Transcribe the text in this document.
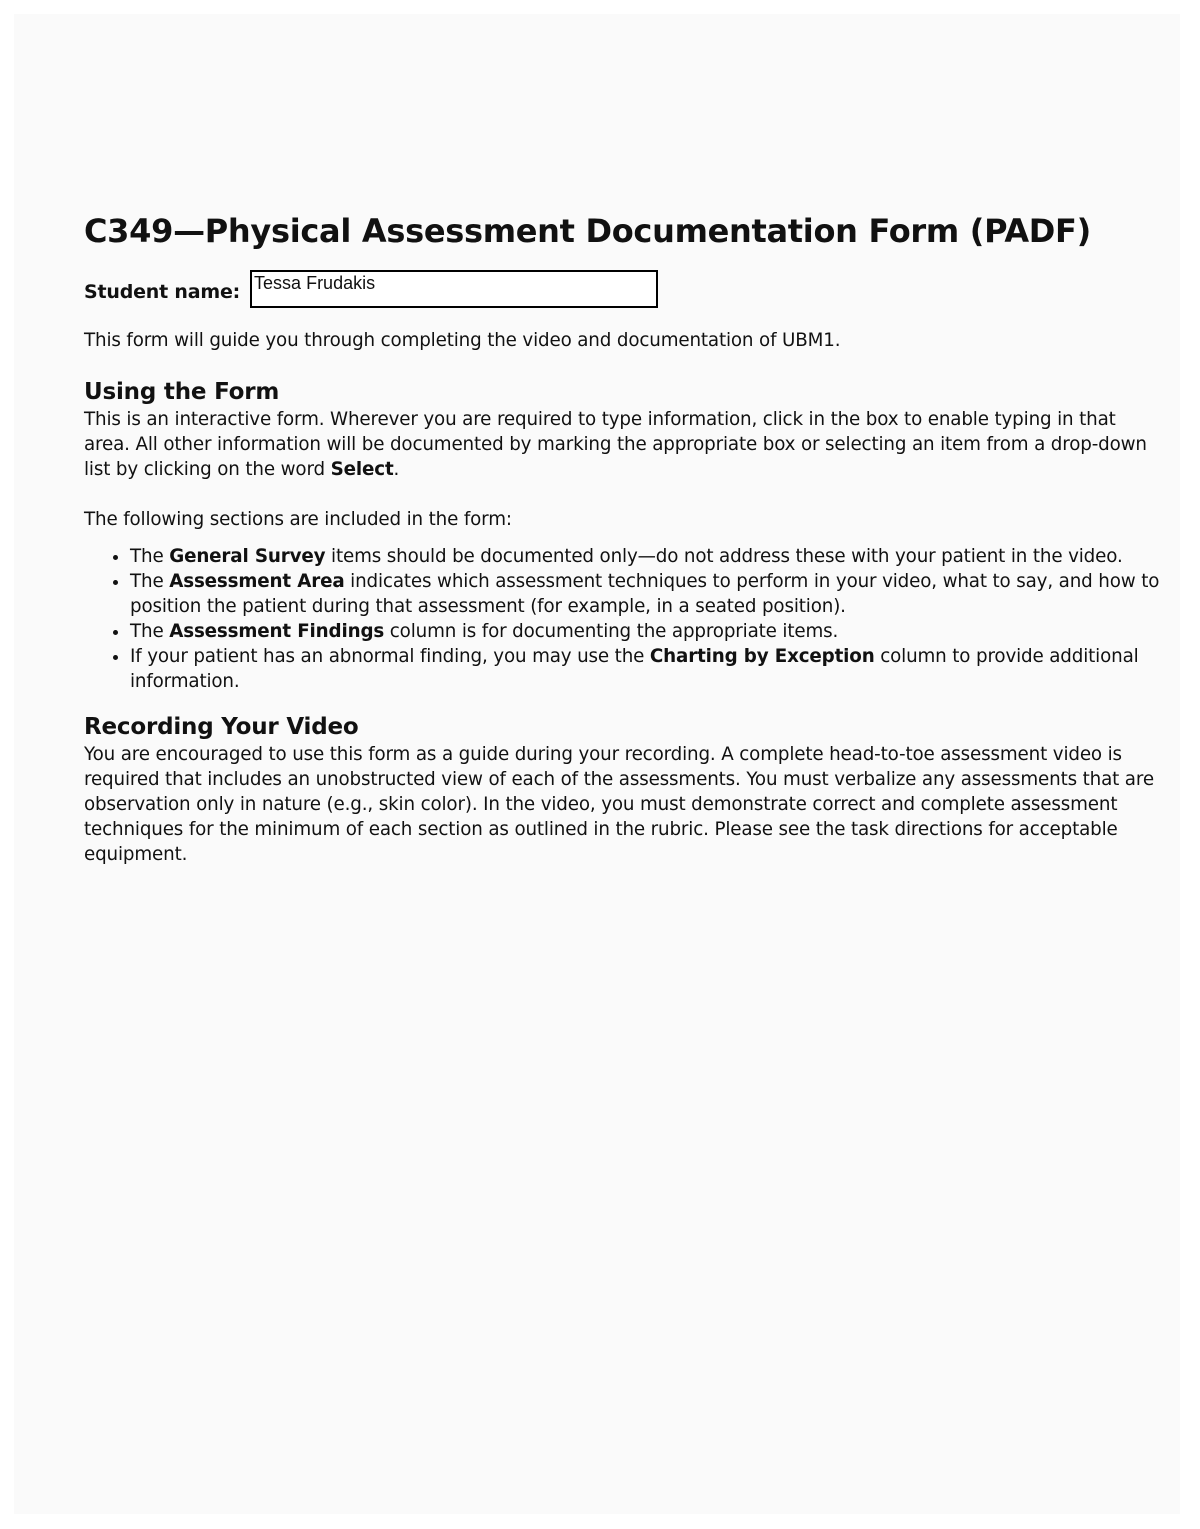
C349—Physical Assessment Documentation Form (PADF)
Student name: Tessa Frudakis

This form will guide you through completing the video and documentation of UBM1.

Using the Form

This is an interactive form. Wherever you are required to type information, click in the box to enable typing in that area. All other information will be documented by marking the appropriate box or selecting an item from a drop-down list by clicking on the word Select.

The following sections are included in the form:

• The General Survey items should be documented only—do not address these with your patient in the video.
• The Assessment Area indicates which assessment techniques to perform in your video, what to say, and how to position the patient during that assessment (for example, in a seated position).
• The Assessment Findings column is for documenting the appropriate items.
• If your patient has an abnormal finding, you may use the Charting by Exception column to provide additional information.
Recording Your Video

You are encouraged to use this form as a guide during your recording. A complete head-to-toe assessment video is required that includes an unobstructed view of each of the assessments. You must verbalize any assessments that are observation only in nature (e.g., skin color). In the video, you must demonstrate correct and complete assessment techniques for the minimum of each section as outlined in the rubric. Please see the task directions for acceptable equipment.
